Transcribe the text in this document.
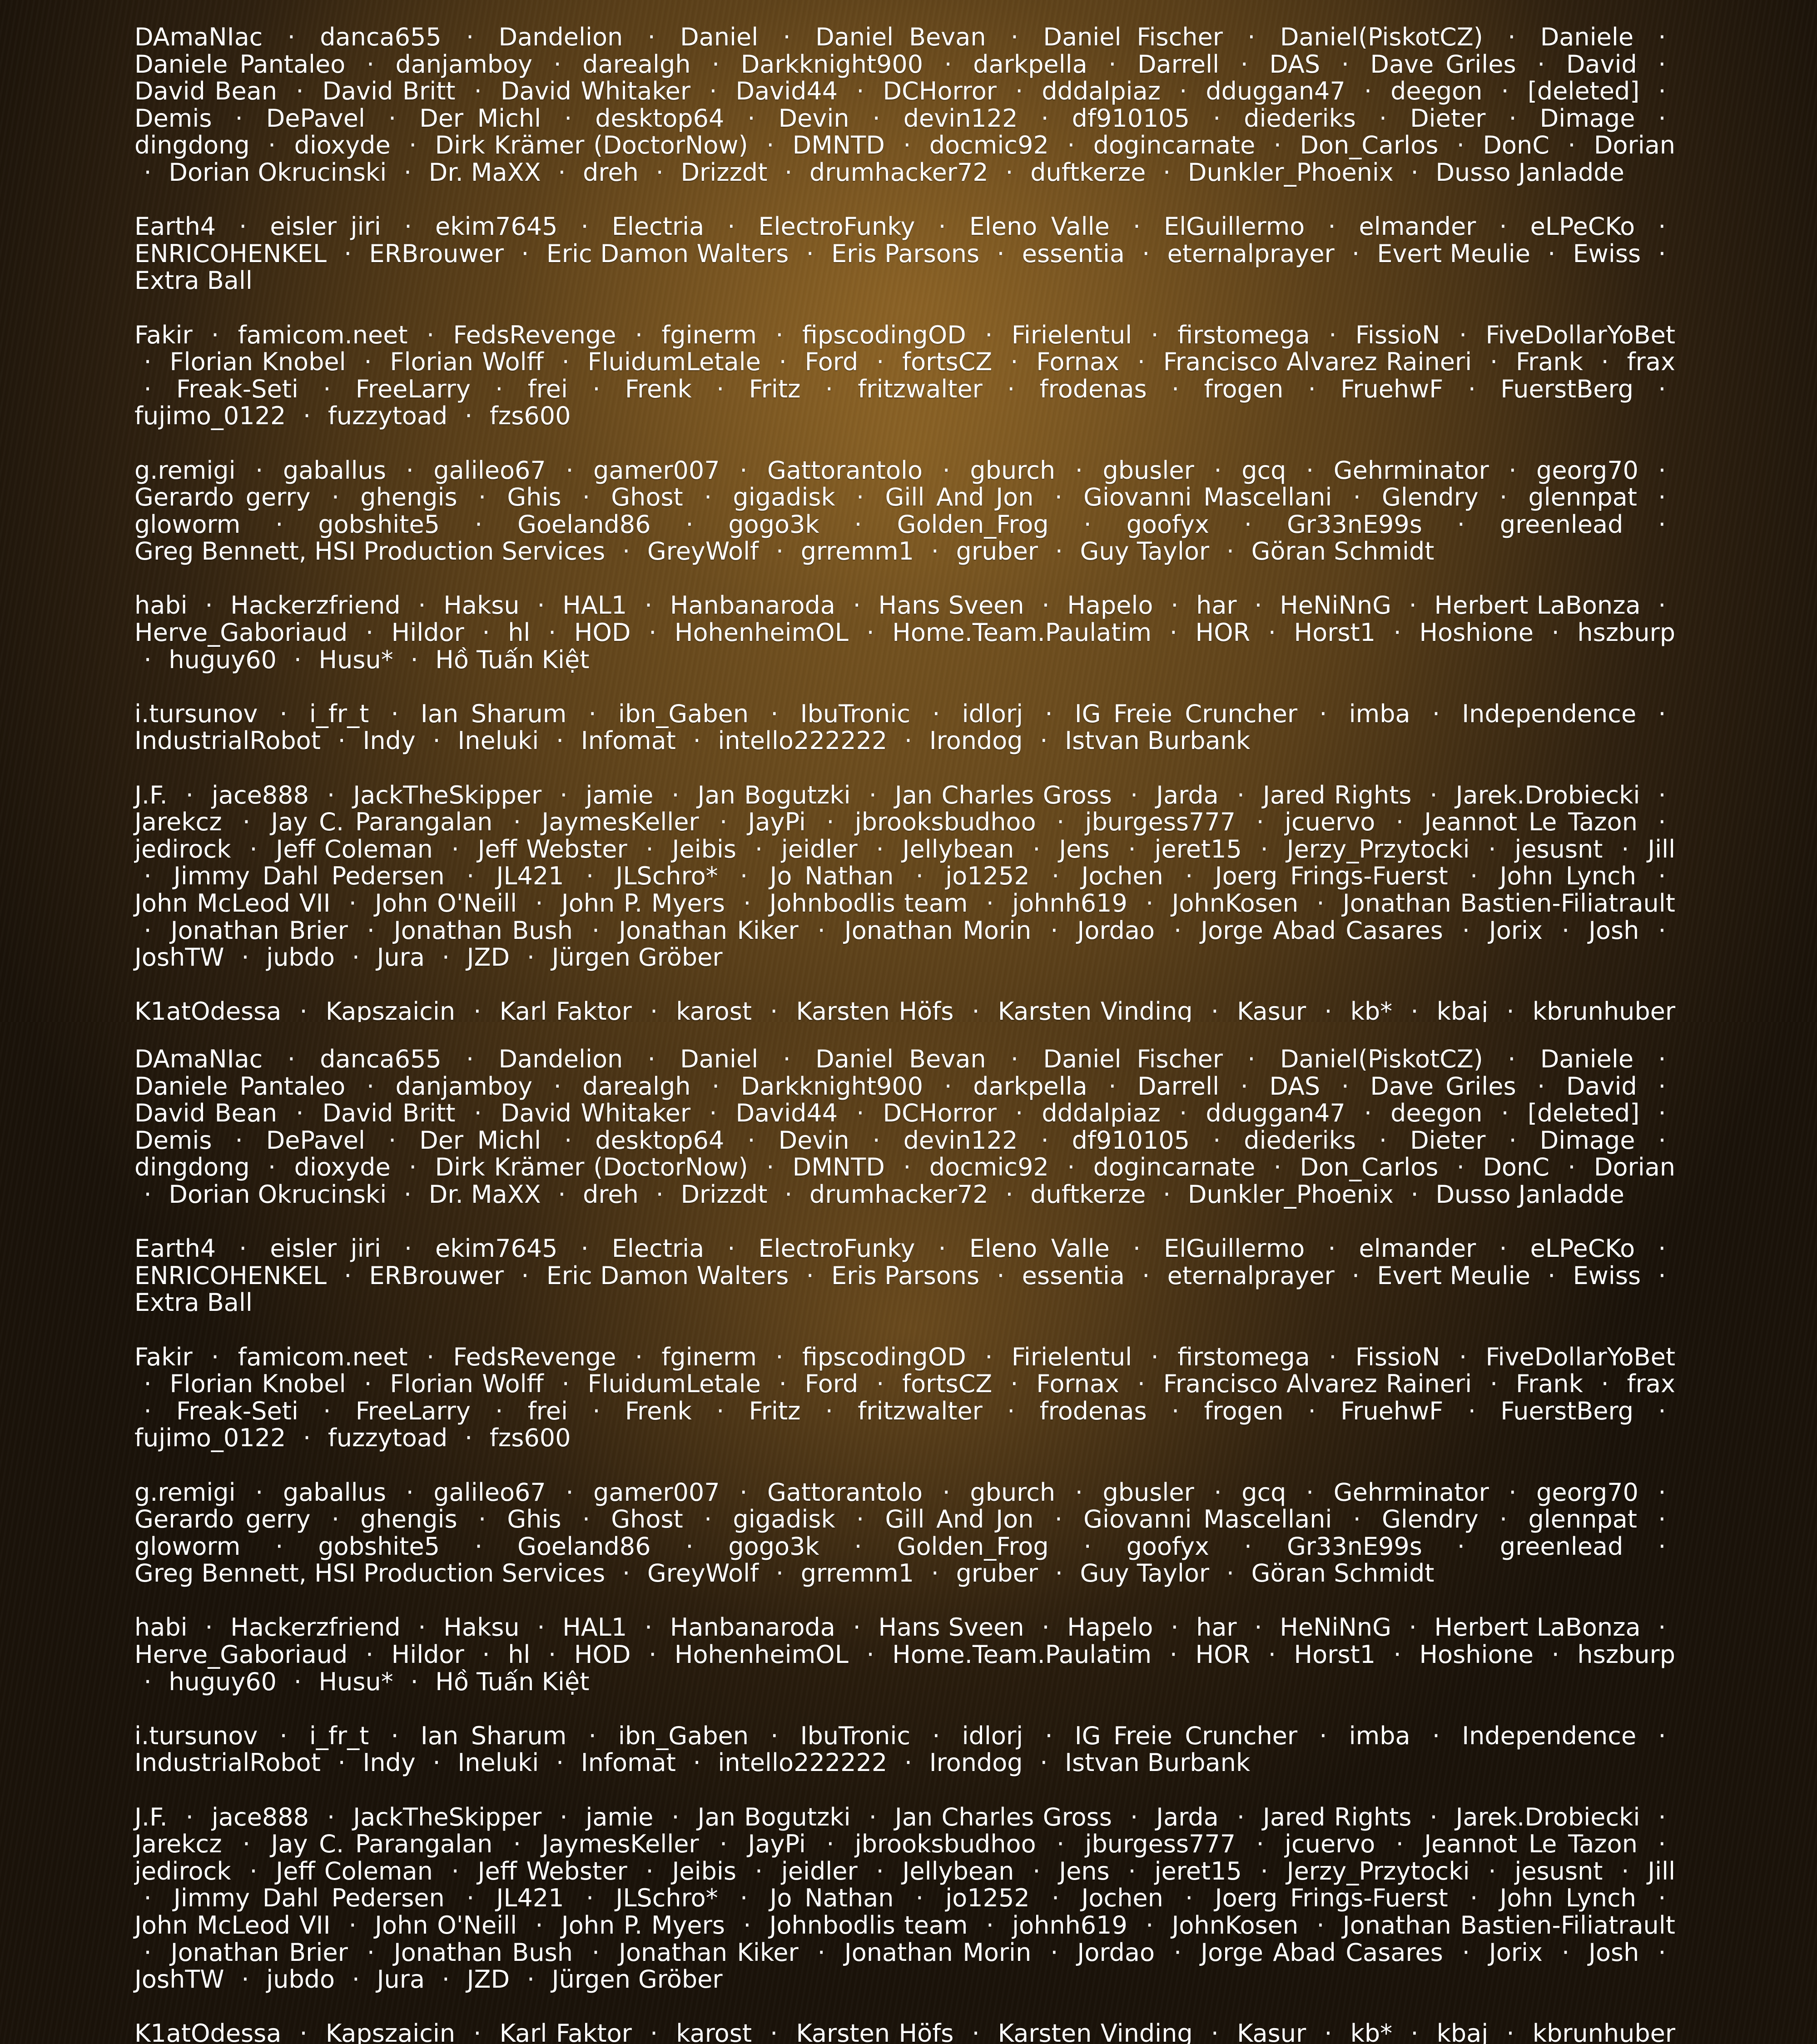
DAmaNIac · danca655 · Dandelion · Daniel · Daniel Bevan · Daniel Fischer · Daniel(PiskotCZ) · Daniele · Daniele Pantaleo · danjamboy · darealgh · Darkknight900 · darkpella · Darrell · DAS · Dave Griles · David · David Bean · David Britt · David Whitaker · David44 · DCHorror · dddalpiaz · dduggan47 · deegon · [deleted] · Demis · DePavel · Der Michl · desktop64 · Devin · devin122 · df910105 · diederiks · Dieter · Dimage · dingdong · dioxyde · Dirk Krämer (DoctorNow) · DMNTD · docmic92 · dogincarnate · Don_Carlos · DonC · Dorian · Dorian Okrucinski · Dr. MaXX · dreh · Drizzdt · drumhacker72 · duftkerze · Dunkler_Phoenix · Dusso Janladde

Earth4 · eisler jiri · ekim7645 · Electria · ElectroFunky · Eleno Valle · ElGuillermo · elmander · eLPeCKo · ENRICOHENKEL · ERBrouwer · Eric Damon Walters · Eris Parsons · essentia · eternalprayer · Evert Meulie · Ewiss · Extra Ball

Fakir · famicom.neet · FedsRevenge · fginerm · fipscodingOD · Firielentul · firstomega · FissioN · FiveDollarYoBet · Florian Knobel · Florian Wolff · FluidumLetale · Ford · fortsCZ · Fornax · Francisco Alvarez Raineri · Frank · frax · Freak-Seti · FreeLarry · frei · Frenk · Fritz · fritzwalter · frodenas · frogen · FruehwF · FuerstBerg · fujimo_0122 · fuzzytoad · fzs600

g.remigi · gaballus · galileo67 · gamer007 · Gattorantolo · gburch · gbusler · gcq · Gehrminator · georg70 · Gerardo gerry · ghengis · Ghis · Ghost · gigadisk · Gill And Jon · Giovanni Mascellani · Glendry · glennpat · gloworm · gobshite5 · Goeland86 · gogo3k · Golden_Frog · goofyx · Gr33nE99s · greenlead · Greg Bennett, HSI Production Services · GreyWolf · grremm1 · gruber · Guy Taylor · Göran Schmidt

habi · Hackerzfriend · Haksu · HAL1 · Hanbanaroda · Hans Sveen · Hapelo · har · HeNiNnG · Herbert LaBonza · Herve_Gaboriaud · Hildor · hl · HOD · HohenheimOL · Home.Team.Paulatim · HOR · Horst1 · Hoshione · hszburp · huguy60 · Husu* · Hồ Tuấn Kiệt

i.tursunov · i_fr_t · Ian Sharum · ibn_Gaben · IbuTronic · idlorj · IG Freie Cruncher · imba · Independence · IndustrialRobot · Indy · Ineluki · Infomat · intello222222 · Irondog · Istvan Burbank

J.F. · jace888 · JackTheSkipper · jamie · Jan Bogutzki · Jan Charles Gross · Jarda · Jared Rights · Jarek.Drobiecki · Jarekcz · Jay C. Parangalan · JaymesKeller · JayPi · jbrooksbudhoo · jburgess777 · jcuervo · Jeannot Le Tazon · jedirock · Jeff Coleman · Jeff Webster · Jeibis · jeidler · Jellybean · Jens · jeret15 · Jerzy_Przytocki · jesusnt · Jill · Jimmy Dahl Pedersen · JL421 · JLSchro* · Jo Nathan · jo1252 · Jochen · Joerg Frings-Fuerst · John Lynch · John McLeod VII · John O'Neill · John P. Myers · Johnbodlis team · johnh619 · JohnKosen · Jonathan Bastien-Filiatrault · Jonathan Brier · Jonathan Bush · Jonathan Kiker · Jonathan Morin · Jordao · Jorge Abad Casares · Jorix · Josh · JoshTW · jubdo · Jura · JZD · Jürgen Gröber

K1atOdessa · Kapszaicin · Karl Faktor · karost · Karsten Höfs · Karsten Vinding · Kasur · kb* · kbaj · kbrunhuber

DAmaNIac · danca655 · Dandelion · Daniel · Daniel Bevan · Daniel Fischer · Daniel(PiskotCZ) · Daniele · Daniele Pantaleo · danjamboy · darealgh · Darkknight900 · darkpella · Darrell · DAS · Dave Griles · David · David Bean · David Britt · David Whitaker · David44 · DCHorror · dddalpiaz · dduggan47 · deegon · [deleted] · Demis · DePavel · Der Michl · desktop64 · Devin · devin122 · df910105 · diederiks · Dieter · Dimage · dingdong · dioxyde · Dirk Krämer (DoctorNow) · DMNTD · docmic92 · dogincarnate · Don_Carlos · DonC · Dorian · Dorian Okrucinski · Dr. MaXX · dreh · Drizzdt · drumhacker72 · duftkerze · Dunkler_Phoenix · Dusso Janladde

Earth4 · eisler jiri · ekim7645 · Electria · ElectroFunky · Eleno Valle · ElGuillermo · elmander · eLPeCKo · ENRICOHENKEL · ERBrouwer · Eric Damon Walters · Eris Parsons · essentia · eternalprayer · Evert Meulie · Ewiss · Extra Ball

Fakir · famicom.neet · FedsRevenge · fginerm · fipscodingOD · Firielentul · firstomega · FissioN · FiveDollarYoBet · Florian Knobel · Florian Wolff · FluidumLetale · Ford · fortsCZ · Fornax · Francisco Alvarez Raineri · Frank · frax · Freak-Seti · FreeLarry · frei · Frenk · Fritz · fritzwalter · frodenas · frogen · FruehwF · FuerstBerg · fujimo_0122 · fuzzytoad · fzs600

g.remigi · gaballus · galileo67 · gamer007 · Gattorantolo · gburch · gbusler · gcq · Gehrminator · georg70 · Gerardo gerry · ghengis · Ghis · Ghost · gigadisk · Gill And Jon · Giovanni Mascellani · Glendry · glennpat · gloworm · gobshite5 · Goeland86 · gogo3k · Golden_Frog · goofyx · Gr33nE99s · greenlead · Greg Bennett, HSI Production Services · GreyWolf · grremm1 · gruber · Guy Taylor · Göran Schmidt

habi · Hackerzfriend · Haksu · HAL1 · Hanbanaroda · Hans Sveen · Hapelo · har · HeNiNnG · Herbert LaBonza · Herve_Gaboriaud · Hildor · hl · HOD · HohenheimOL · Home.Team.Paulatim · HOR · Horst1 · Hoshione · hszburp · huguy60 · Husu* · Hồ Tuấn Kiệt

i.tursunov · i_fr_t · Ian Sharum · ibn_Gaben · IbuTronic · idlorj · IG Freie Cruncher · imba · Independence · IndustrialRobot · Indy · Ineluki · Infomat · intello222222 · Irondog · Istvan Burbank

J.F. · jace888 · JackTheSkipper · jamie · Jan Bogutzki · Jan Charles Gross · Jarda · Jared Rights · Jarek.Drobiecki · Jarekcz · Jay C. Parangalan · JaymesKeller · JayPi · jbrooksbudhoo · jburgess777 · jcuervo · Jeannot Le Tazon · jedirock · Jeff Coleman · Jeff Webster · Jeibis · jeidler · Jellybean · Jens · jeret15 · Jerzy_Przytocki · jesusnt · Jill · Jimmy Dahl Pedersen · JL421 · JLSchro* · Jo Nathan · jo1252 · Jochen · Joerg Frings-Fuerst · John Lynch · John McLeod VII · John O'Neill · John P. Myers · Johnbodlis team · johnh619 · JohnKosen · Jonathan Bastien-Filiatrault · Jonathan Brier · Jonathan Bush · Jonathan Kiker · Jonathan Morin · Jordao · Jorge Abad Casares · Jorix · Josh · JoshTW · jubdo · Jura · JZD · Jürgen Gröber

K1atOdessa · Kapszaicin · Karl Faktor · karost · Karsten Höfs · Karsten Vinding · Kasur · kb* · kbaj · kbrunhuber
